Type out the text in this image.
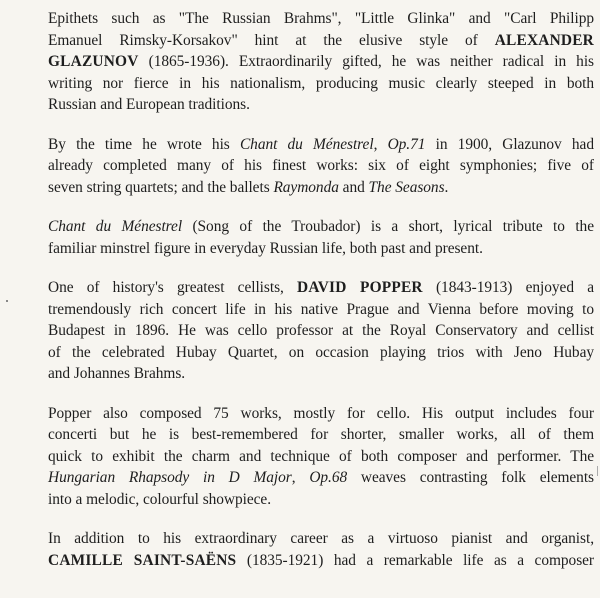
Epithets such as "The Russian Brahms", "Little Glinka" and "Carl Philipp
Emanuel Rimsky-Korsakov" hint at the elusive style of ALEXANDER
GLAZUNOV (1865-1936). Extraordinarily gifted, he was neither radical in his
writing nor fierce in his nationalism, producing music clearly steeped in both
Russian and European traditions.

By the time he wrote his Chant du Ménestrel, Op.71 in 1900, Glazunov had
already completed many of his finest works: six of eight symphonies; five of
seven string quartets; and the ballets Raymonda and The Seasons.

Chant du Ménestrel (Song of the Troubador) is a short, lyrical tribute to the
familiar minstrel figure in everyday Russian life, both past and present.

One of history's greatest cellists, DAVID POPPER (1843-1913) enjoyed a
tremendously rich concert life in his native Prague and Vienna before moving to
Budapest in 1896. He was cello professor at the Royal Conservatory and cellist
of the celebrated Hubay Quartet, on occasion playing trios with Jeno Hubay
and Johannes Brahms.

Popper also composed 75 works, mostly for cello. His output includes four
concerti but he is best-remembered for shorter, smaller works, all of them
quick to exhibit the charm and technique of both composer and performer. The
Hungarian Rhapsody in D Major, Op.68 weaves contrasting folk elements
into a melodic, colourful showpiece.

In addition to his extraordinary career as a virtuoso pianist and organist,
CAMILLE SAINT-SAËNS (1835-1921) had a remarkable life as a composer
